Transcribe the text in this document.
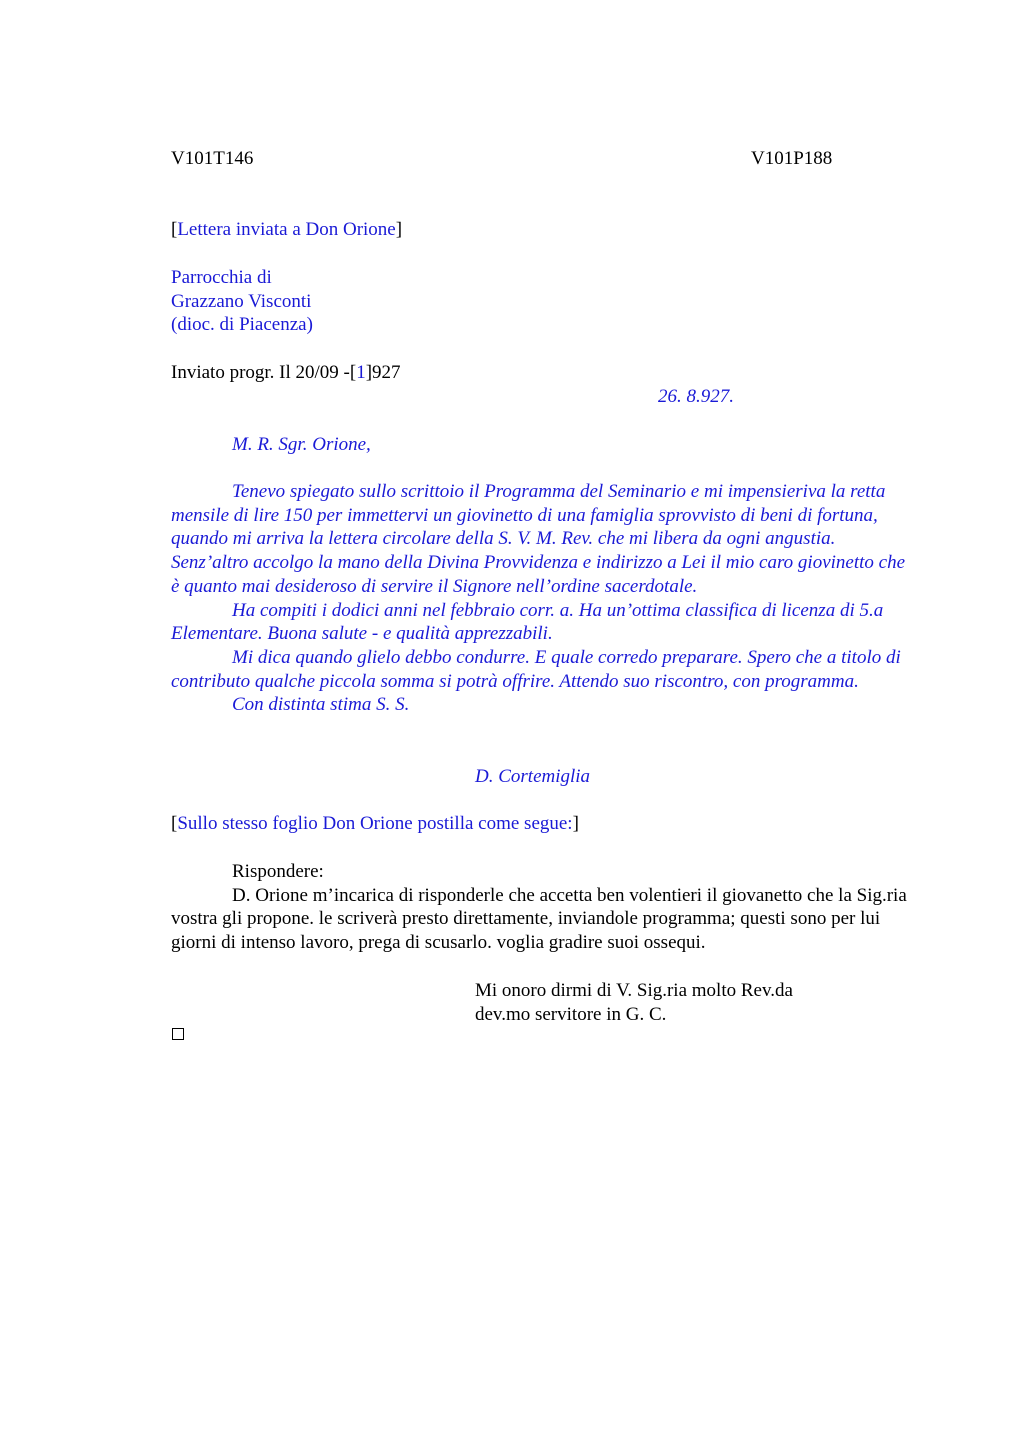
V101T146	V101P188
[Lettera inviata a Don Orione]
Parrocchia di
Grazzano Visconti
(dioc. di Piacenza)
Inviato progr. Il 20/09 -[1]927
26. 8.927.
M. R. Sgr. Orione,

Tenevo spiegato sullo scrittoio il Programma del Seminario e mi impensieriva la retta mensile di lire 150 per immettervi un giovinetto di una famiglia sprovvisto di beni di fortuna, quando mi arriva la lettera circolare della S. V. M. Rev. che mi libera da ogni angustia. Senz’altro accolgo la mano della Divina Provvidenza e indirizzo a Lei il mio caro giovinetto che è quanto mai desideroso di servire il Signore nell’ordine sacerdotale.

Ha compiti i dodici anni nel febbraio corr. a. Ha un’ottima classifica di licenza di 5.a Elementare. Buona salute - e qualità apprezzabili.

Mi dica quando glielo debbo condurre. E quale corredo preparare. Spero che a titolo di contributo qualche piccola somma si potrà offrire. Attendo suo riscontro, con programma.

Con distinta stima S. S.

D. Cortemiglia
[Sullo stesso foglio Don Orione postilla come segue:]

Rispondere:

D. Orione m’incarica di risponderle che accetta ben volentieri il giovanetto che la Sig.ria vostra gli propone. le scriverà presto direttamente, inviandole programma; questi sono per lui giorni di intenso lavoro, prega di scusarlo. voglia gradire suoi ossequi.

Mi onoro dirmi di V. Sig.ria molto Rev.da
dev.mo servitore in G. C.
